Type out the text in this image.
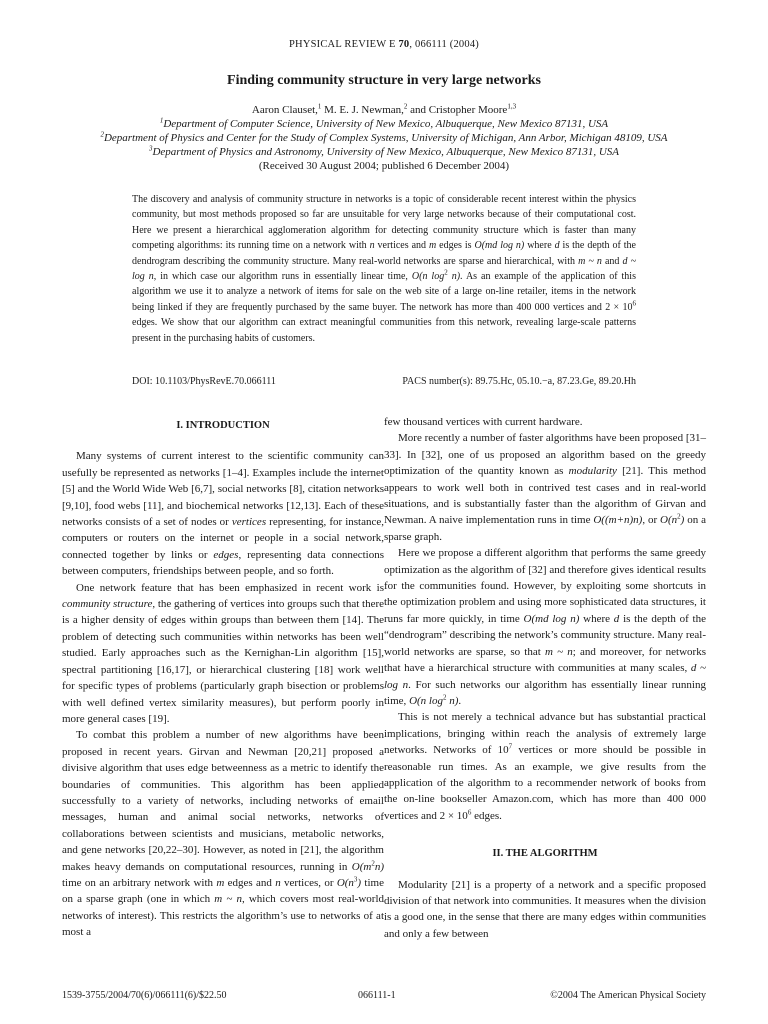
PHYSICAL REVIEW E 70, 066111 (2004)
Finding community structure in very large networks
Aaron Clauset,$^1$ M. E. J. Newman,$^2$ and Cristopher Moore$^{1,3}$
$^1$Department of Computer Science, University of New Mexico, Albuquerque, New Mexico 87131, USA
$^2$Department of Physics and Center for the Study of Complex Systems, University of Michigan, Ann Arbor, Michigan 48109, USA
$^3$Department of Physics and Astronomy, University of New Mexico, Albuquerque, New Mexico 87131, USA
(Received 30 August 2004; published 6 December 2004)
The discovery and analysis of community structure in networks is a topic of considerable recent interest within the physics community, but most methods proposed so far are unsuitable for very large networks because of their computational cost. Here we present a hierarchical agglomeration algorithm for detecting community structure which is faster than many competing algorithms: its running time on a network with n vertices and m edges is O(md log n) where d is the depth of the dendrogram describing the community structure. Many real-world networks are sparse and hierarchical, with m ~ n and d ~ log n, in which case our algorithm runs in essentially linear time, O(n $\log^2 n$). As an example of the application of this algorithm we use it to analyze a network of items for sale on the web site of a large on-line retailer, items in the network being linked if they are frequently purchased by the same buyer. The network has more than 400 000 vertices and $2 \times 10^6$ edges. We show that our algorithm can extract meaningful communities from this network, revealing large-scale patterns present in the purchasing habits of customers.
DOI: 10.1103/PhysRevE.70.066111	PACS number(s): 89.75.Hc, 05.10.−a, 87.23.Ge, 89.20.Hh
I. INTRODUCTION

Many systems of current interest to the scientific community can usefully be represented as networks [1–4]. Examples include the internet [5] and the World Wide Web [6,7], social networks [8], citation networks [9,10], food webs [11], and biochemical networks [12,13]. Each of these networks consists of a set of nodes or vertices representing, for instance, computers or routers on the internet or people in a social network, connected together by links or edges, representing data connections between computers, friendships between people, and so forth.

One network feature that has been emphasized in recent work is community structure, the gathering of vertices into groups such that there is a higher density of edges within groups than between them [14]. The problem of detecting such communities within networks has been well studied. Early approaches such as the Kernighan-Lin algorithm [15], spectral partitioning [16,17], or hierarchical clustering [18] work well for specific types of problems (particularly graph bisection or problems with well defined vertex similarity measures), but perform poorly in more general cases [19].

To combat this problem a number of new algorithms have been proposed in recent years. Girvan and Newman [20,21] proposed a divisive algorithm that uses edge betweenness as a metric to identify the boundaries of communities. This algorithm has been applied successfully to a variety of networks, including networks of email messages, human and animal social networks, networks of collaborations between scientists and musicians, metabolic networks, and gene networks [20,22–30]. However, as noted in [21], the algorithm makes heavy demands on computational resources, running in $O(m^2n)$ time on an arbitrary network with m edges and n vertices, or $O(n^3)$ time on a sparse graph (one in which m ~ n, which covers most real-world networks of interest). This restricts the algorithm’s use to networks of at most a

few thousand vertices with current hardware.

More recently a number of faster algorithms have been proposed [31–33]. In [32], one of us proposed an algorithm based on the greedy optimization of the quantity known as modularity [21]. This method appears to work well both in contrived test cases and in real-world situations, and is substantially faster than the algorithm of Girvan and Newman. A naive implementation runs in time O((m+n)n), or $O(n^2)$ on a sparse graph.

Here we propose a different algorithm that performs the same greedy optimization as the algorithm of [32] and therefore gives identical results for the communities found. However, by exploiting some shortcuts in the optimization problem and using more sophisticated data structures, it runs far more quickly, in time O(md log n) where d is the depth of the “dendrogram” describing the network’s community structure. Many real-world networks are sparse, so that m ~ n; and moreover, for networks that have a hierarchical structure with communities at many scales, d ~ log n. For such networks our algorithm has essentially linear running time, O(n $\log^2 n$).

This is not merely a technical advance but has substantial practical implications, bringing within reach the analysis of extremely large networks. Networks of $10^7$ vertices or more should be possible in reasonable run times. As an example, we give results from the application of the algorithm to a recommender network of books from the on-line bookseller Amazon.com, which has more than 400 000 vertices and $2 \times 10^6$ edges.

II. THE ALGORITHM

Modularity [21] is a property of a network and a specific proposed division of that network into communities. It measures when the division is a good one, in the sense that there are many edges within communities and only a few between

1539-3755/2004/70(6)/066111(6)/$22.50	066111-1	©2004 The American Physical Society
